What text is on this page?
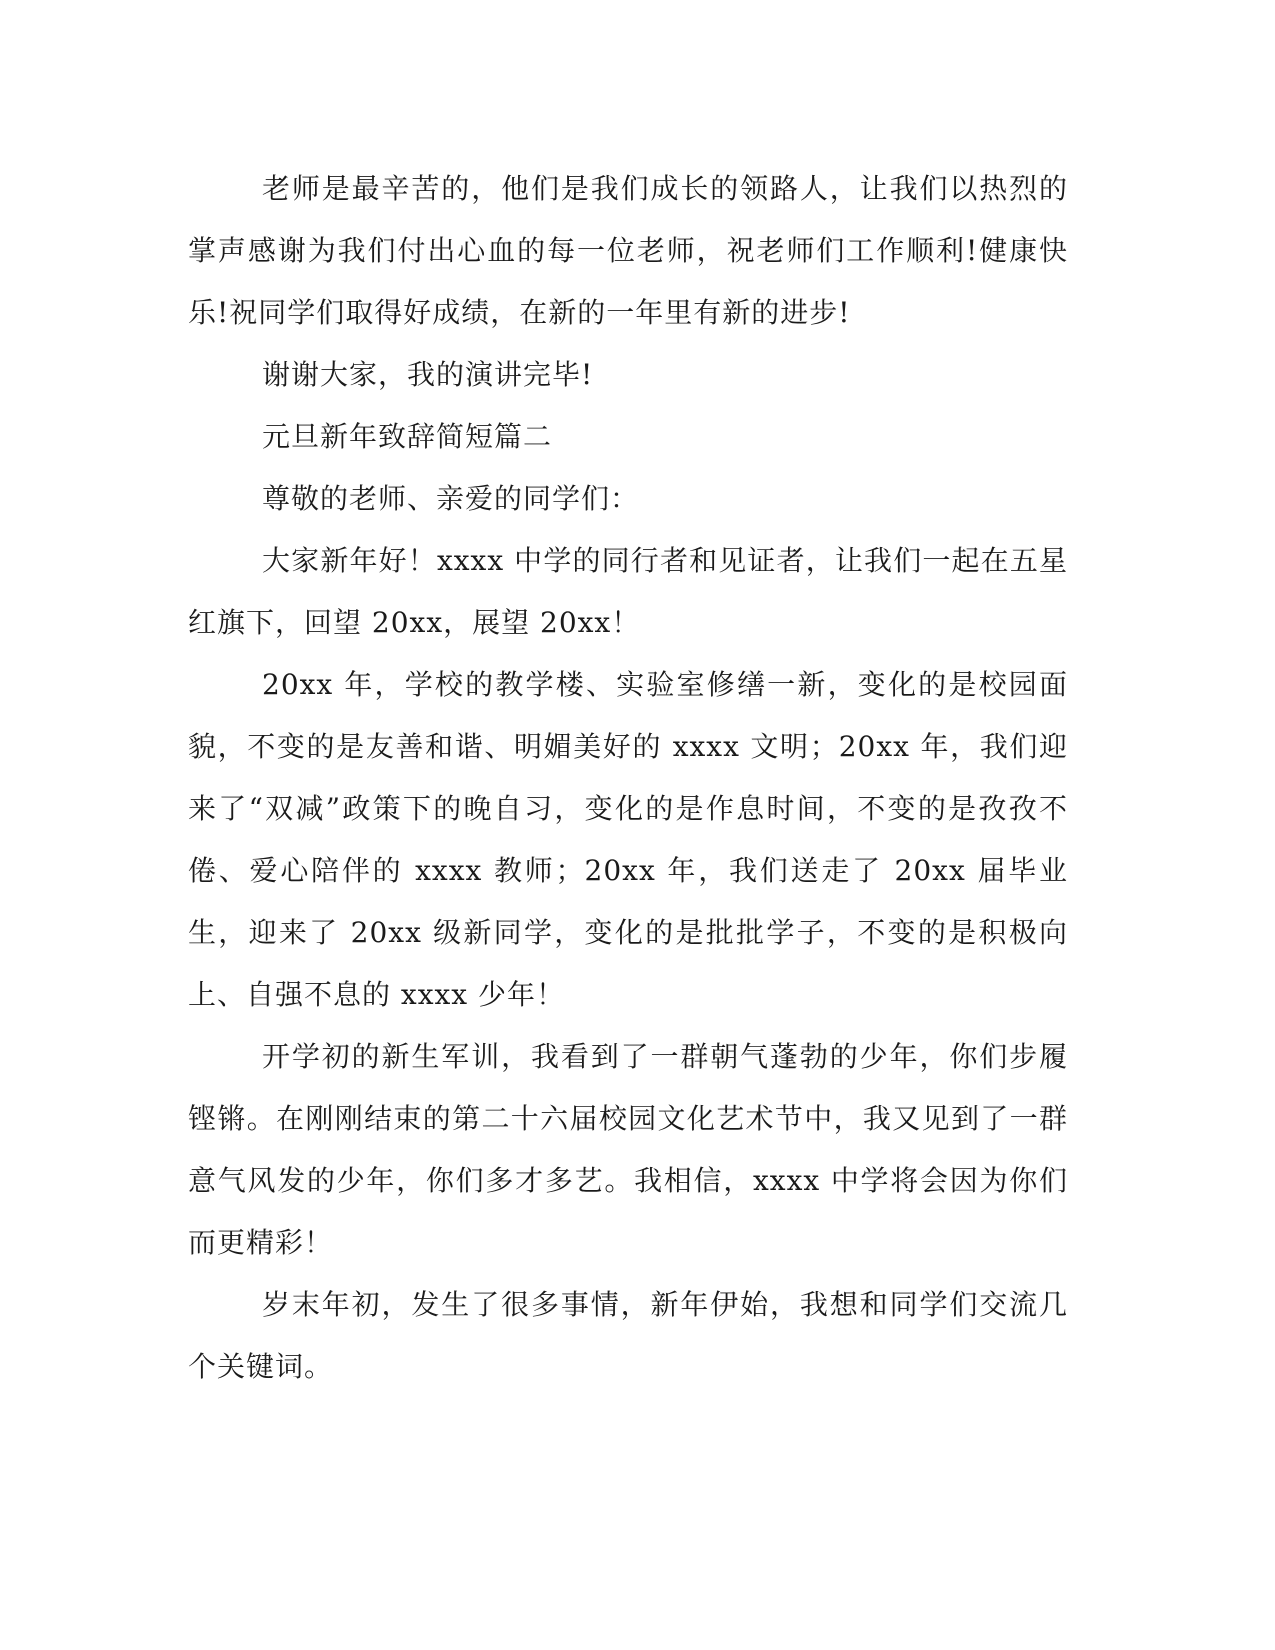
老师是最辛苦的，他们是我们成长的领路人，让我们以热烈的掌声感谢为我们付出心血的每一位老师，祝老师们工作顺利!健康快乐!祝同学们取得好成绩，在新的一年里有新的进步!

谢谢大家，我的演讲完毕!

元旦新年致辞简短篇二

尊敬的老师、亲爱的同学们：

大家新年好！xxxx 中学的同行者和见证者，让我们一起在五星红旗下，回望 20xx，展望 20xx！

20xx 年，学校的教学楼、实验室修缮一新，变化的是校园面貌，不变的是友善和谐、明媚美好的 xxxx 文明；20xx 年，我们迎来了“双减”政策下的晚自习，变化的是作息时间，不变的是孜孜不倦、爱心陪伴的 xxxx 教师；20xx 年，我们送走了 20xx 届毕业生，迎来了 20xx 级新同学，变化的是批批学子，不变的是积极向上、自强不息的 xxxx 少年！

开学初的新生军训，我看到了一群朝气蓬勃的少年，你们步履铿锵。在刚刚结束的第二十六届校园文化艺术节中，我又见到了一群意气风发的少年，你们多才多艺。我相信，xxxx 中学将会因为你们而更精彩！

岁末年初，发生了很多事情，新年伊始，我想和同学们交流几个关键词。
